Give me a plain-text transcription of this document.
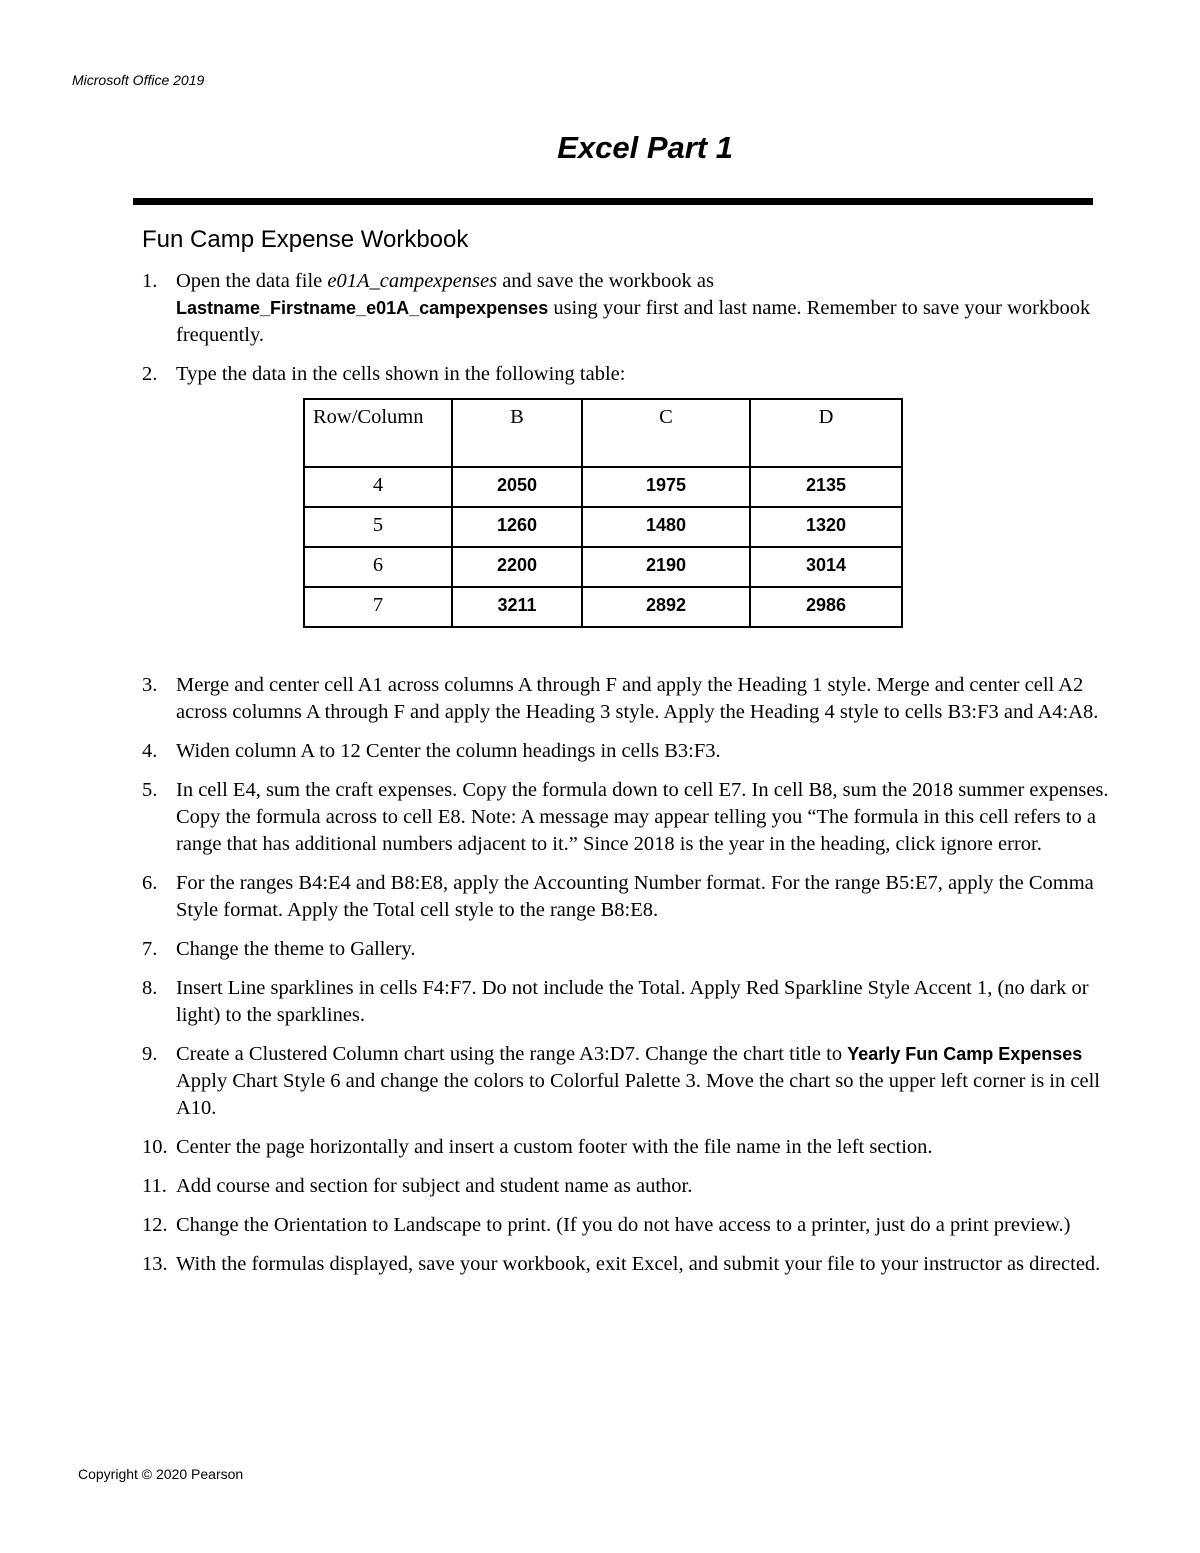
Microsoft Office 2019
Excel Part 1
Fun Camp Expense Workbook
1. Open the data file e01A_campexpenses and save the workbook as
Lastname_Firstname_e01A_campexpenses using your first and last name. Remember to save your workbook frequently.
2. Type the data in the cells shown in the following table:
Row/Column	B	C	D
4	2050	1975	2135
5	1260	1480	1320
6	2200	2190	3014
7	3211	2892	2986
3. Merge and center cell A1 across columns A through F and apply the Heading 1 style. Merge and center cell A2 across columns A through F and apply the Heading 3 style. Apply the Heading 4 style to cells B3:F3 and A4:A8.
4. Widen column A to 12 Center the column headings in cells B3:F3.
5. In cell E4, sum the craft expenses. Copy the formula down to cell E7. In cell B8, sum the 2018 summer expenses. Copy the formula across to cell E8. Note: A message may appear telling you “The formula in this cell refers to a range that has additional numbers adjacent to it.” Since 2018 is the year in the heading, click ignore error.
6. For the ranges B4:E4 and B8:E8, apply the Accounting Number format. For the range B5:E7, apply the Comma Style format. Apply the Total cell style to the range B8:E8.
7. Change the theme to Gallery.
8. Insert Line sparklines in cells F4:F7. Do not include the Total. Apply Red Sparkline Style Accent 1, (no dark or light) to the sparklines.
9. Create a Clustered Column chart using the range A3:D7. Change the chart title to Yearly Fun Camp Expenses Apply Chart Style 6 and change the colors to Colorful Palette 3. Move the chart so the upper left corner is in cell A10.
10. Center the page horizontally and insert a custom footer with the file name in the left section.
11. Add course and section for subject and student name as author.
12. Change the Orientation to Landscape to print. (If you do not have access to a printer, just do a print preview.)
13. With the formulas displayed, save your workbook, exit Excel, and submit your file to your instructor as directed.
Copyright © 2020 Pearson
